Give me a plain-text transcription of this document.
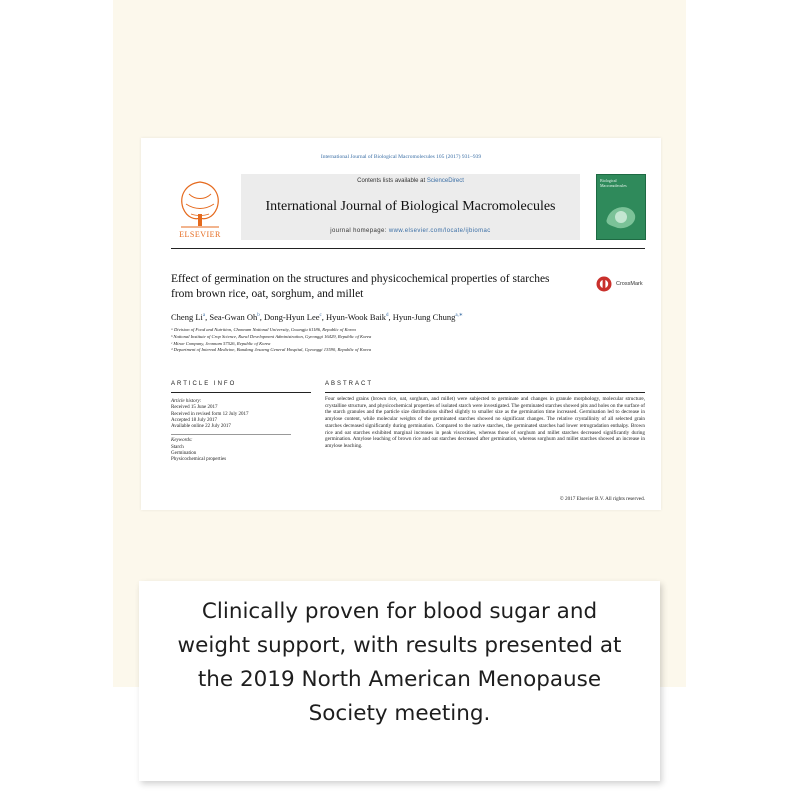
International Journal of Biological Macromolecules 105 (2017) 931–939
ELSEVIER
Contents lists available at ScienceDirect
International Journal of Biological Macromolecules
journal homepage: www.elsevier.com/locate/ijbiomac
Biological Macromolecules
Effect of germination on the structures and physicochemical properties of starches from brown rice, oat, sorghum, and millet
CrossMark
Cheng Li$^a$, Sea-Gwan Oh$^b$, Dong-Hyun Lee$^c$, Hyun-Wook Baik$^d$, Hyun-Jung Chung$^{a,∗}$
ᵃ Division of Food and Nutrition, Chonnam National University, Gwangju 61186, Republic of Korea
ᵇ National Institute of Crop Science, Rural Development Administration, Gyeonggi 16429, Republic of Korea
ᶜ Mirae Company, Jeonnam 57526, Republic of Korea
ᵈ Department of Internal Medicine, Bundang Jesaeng General Hospital, Gyeonggi 13590, Republic of Korea
ARTICLE INFO	ABSTRACT
Article history:
Received 15 June 2017
Received in revised form 12 July 2017
Accepted 18 July 2017
Available online 22 July 2017
Keywords:
Starch
Germination
Physicochemical properties
Four selected grains (brown rice, oat, sorghum, and millet) were subjected to germinate and changes in granule morphology, molecular structure, crystalline structure, and physicochemical properties of isolated starch were investigated. The germinated starches showed pits and holes on the surface of the starch granules and the particle size distributions shifted slightly to smaller size as the germination time increased. Germination led to decrease in amylose content, while molecular weights of the germinated starches showed no significant changes. The relative crystallinity of all selected grain starches decreased significantly during germination. Compared to the native starches, the germinated starches had lower retrogradation enthalpy. Brown rice and oat starches exhibited marginal increases in peak viscosities, whereas those of sorghum and millet starches decreased significantly during germination. Amylose leaching of brown rice and oat starches decreased after germination, whereas sorghum and millet starches showed an increase in amylose leaching.
© 2017 Elsevier B.V. All rights reserved.
Clinically proven for blood sugar and weight support, with results presented at the 2019 North American Menopause Society meeting.
